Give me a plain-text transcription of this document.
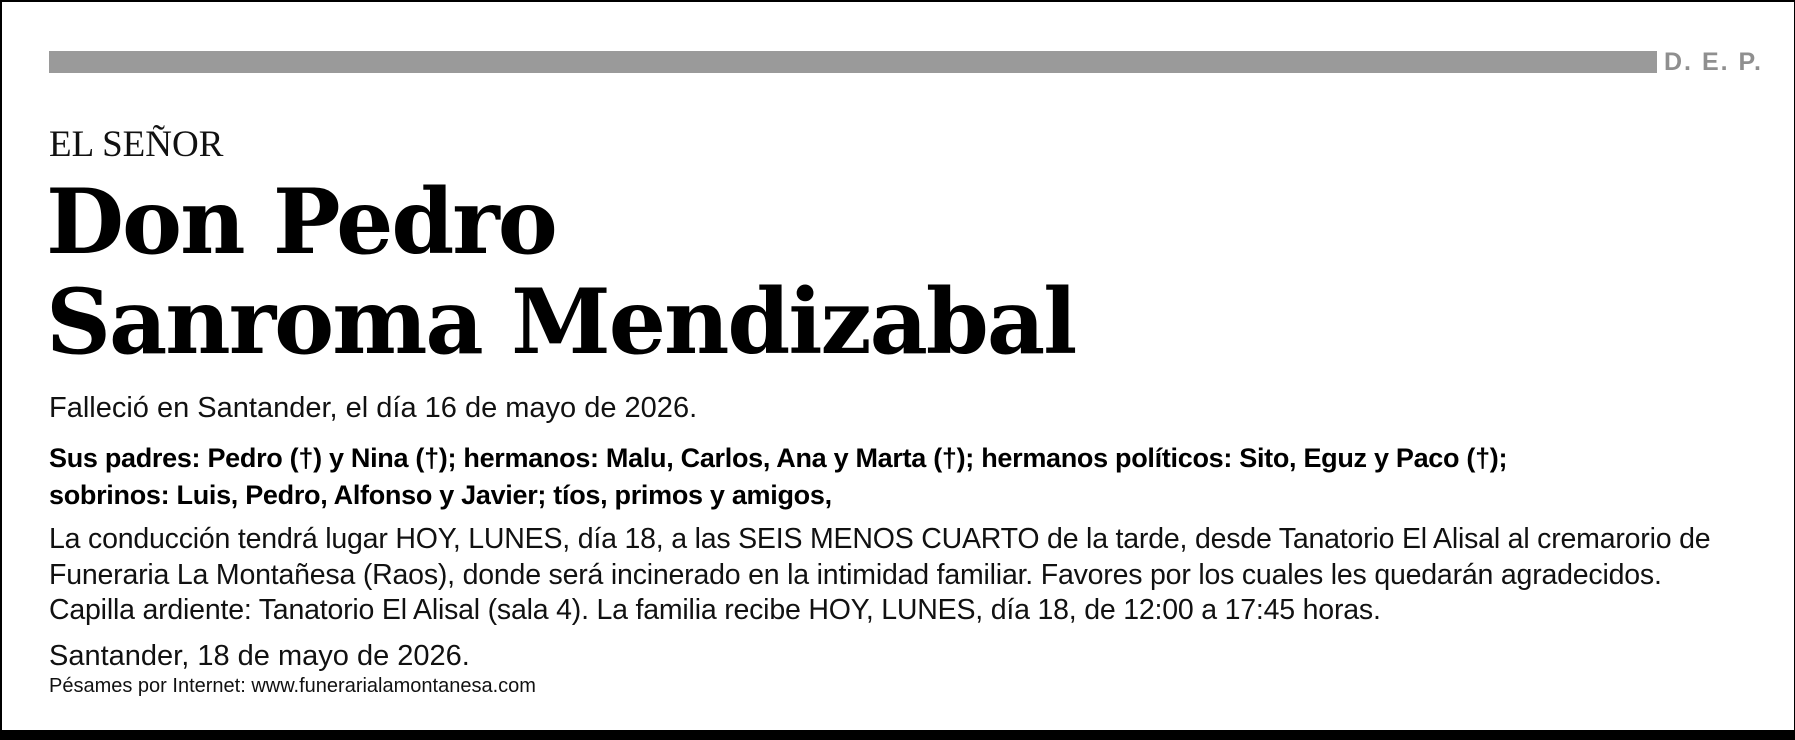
D. E. P.
EL SEÑOR
Don Pedro
Sanroma Mendizabal
Falleció en Santander, el día 16 de mayo de 2026.
Sus padres: Pedro (†) y Nina (†); hermanos: Malu, Carlos, Ana y Marta (†); hermanos políticos: Sito, Eguz y Paco (†);
sobrinos: Luis, Pedro, Alfonso y Javier; tíos, primos y amigos,
La conducción tendrá lugar HOY, LUNES, día 18, a las SEIS MENOS CUARTO de la tarde, desde Tanatorio El Alisal al cremarorio de
Funeraria La Montañesa (Raos), donde será incinerado en la intimidad familiar. Favores por los cuales les quedarán agradecidos.
Capilla ardiente: Tanatorio El Alisal (sala 4). La familia recibe HOY, LUNES, día 18, de 12:00 a 17:45 horas.
Santander, 18 de mayo de 2026.
Pésames por Internet: www.funerarialamontanesa.com
